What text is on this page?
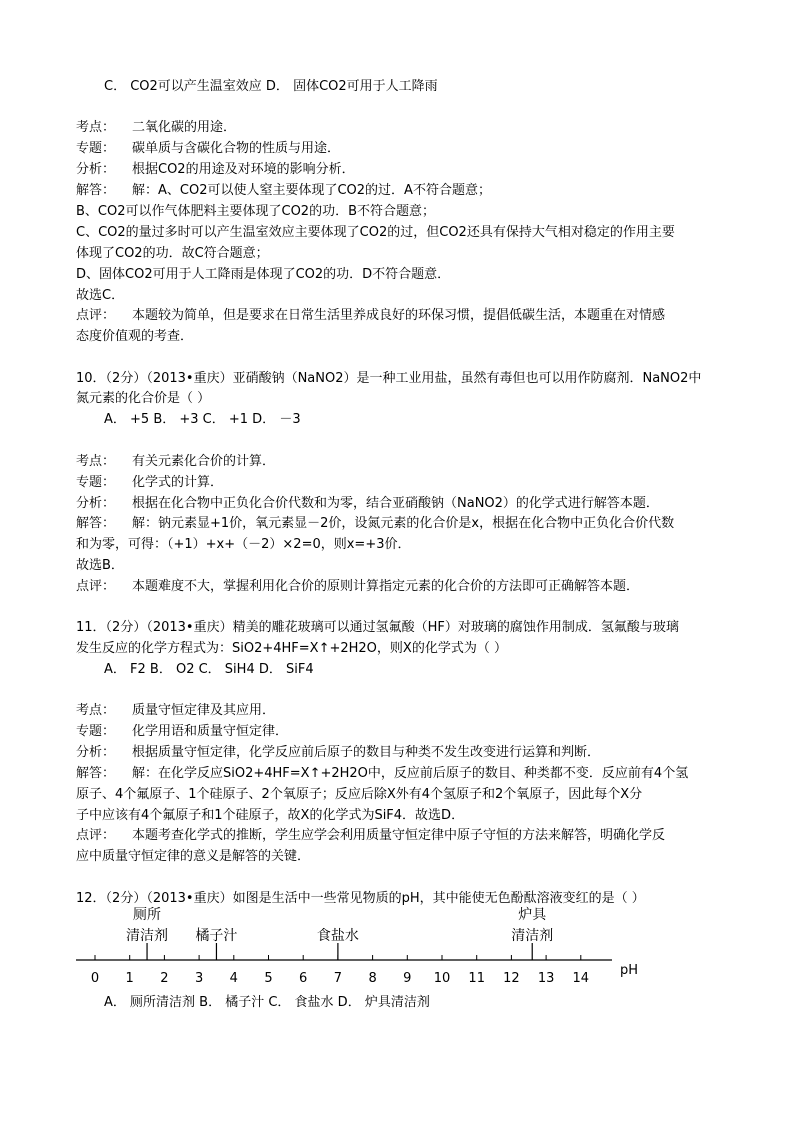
C． CO2可以产生温室效应 D． 固体CO2可用于人工降雨
考点： 二氧化碳的用途．
专题： 碳单质与含碳化合物的性质与用途．
分析： 根据CO2的用途及对环境的影响分析．
解答： 解：A、CO2可以使人窒主要体现了CO2的过．A不符合题意；
B、CO2可以作气体肥料主要体现了CO2的功．B不符合题意；
C、CO2的量过多时可以产生温室效应主要体现了CO2的过，但CO2还具有保持大气相对稳定的作用主要
体现了CO2的功．故C符合题意；
D、固体CO2可用于人工降雨是体现了CO2的功．D不符合题意．
故选C．
点评： 本题较为简单，但是要求在日常生活里养成良好的环保习惯，提倡低碳生活，本题重在对情感
态度价值观的考查．
10．（2分）（2013•重庆）亚硝酸钠（NaNO2）是一种工业用盐，虽然有毒但也可以用作防腐剂．NaNO2中
氮元素的化合价是（ ）
A． +5 B． +3 C． +1 D． －3
考点： 有关元素化合价的计算．
专题： 化学式的计算．
分析： 根据在化合物中正负化合价代数和为零，结合亚硝酸钠（NaNO2）的化学式进行解答本题．
解答： 解：钠元素显+1价，氧元素显－2价，设氮元素的化合价是x，根据在化合物中正负化合价代数
和为零，可得：（+1）+x+（－2）×2=0，则x=+3价．
故选B．
点评： 本题难度不大，掌握利用化合价的原则计算指定元素的化合价的方法即可正确解答本题．
11．（2分）（2013•重庆）精美的雕花玻璃可以通过氢氟酸（HF）对玻璃的腐蚀作用制成．氢氟酸与玻璃
发生反应的化学方程式为：SiO2+4HF=X↑+2H2O，则X的化学式为（ ）
A． F2 B． O2 C． SiH4 D． SiF4
考点： 质量守恒定律及其应用．
专题： 化学用语和质量守恒定律．
分析： 根据质量守恒定律，化学反应前后原子的数目与种类不发生改变进行运算和判断．
解答： 解：在化学反应SiO2+4HF=X↑+2H2O中，反应前后原子的数目、种类都不变．反应前有4个氢
原子、4个氟原子、1个硅原子、2个氧原子；反应后除X外有4个氢原子和2个氧原子，因此每个X分
子中应该有4个氟原子和1个硅原子，故X的化学式为SiF4．故选D．
点评： 本题考查化学式的推断，学生应学会利用质量守恒定律中原子守恒的方法来解答，明确化学反
应中质量守恒定律的意义是解答的关键．
12．（2分）（2013•重庆）如图是生活中一些常见物质的pH，其中能使无色酚酞溶液变红的是（ ）
0 1 2 3 4 5 6 7 8 9 10 11 12 13 14
pH
厕所
清洁剂 橘子汁	食盐水
炉具
清洁剂
A． 厕所清洁剂 B． 橘子汁 C． 食盐水 D． 炉具清洁剂
